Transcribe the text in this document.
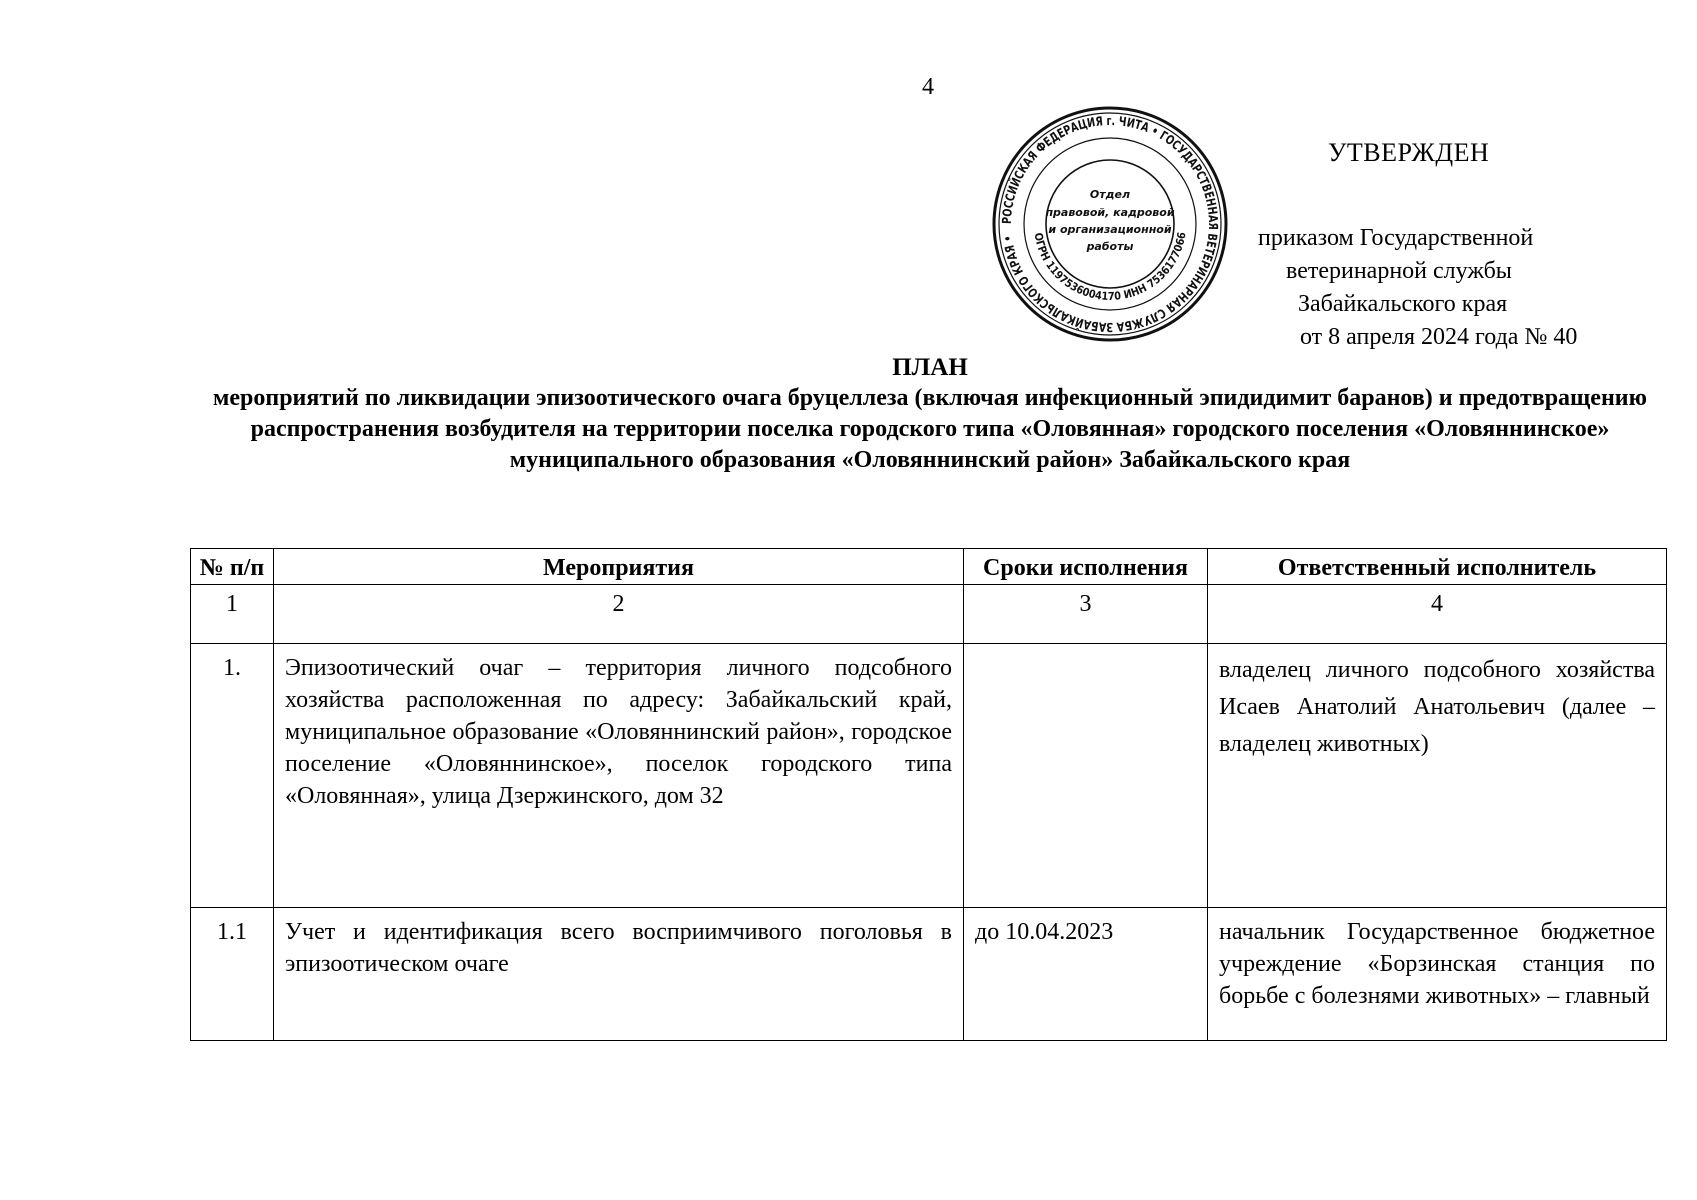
4
РОССИЙСКАЯ ФЕДЕРАЦИЯ г. ЧИТА • ГОСУДАРСТВЕННАЯ ВЕТЕРИНАРНАЯ СЛУЖБА ЗАБАЙКАЛЬСКОГО КРАЯ •	ОГРН 1197536004170 ИНН 7536177066
Отдел
правовой, кадровой
и организационной
работы
УТВЕРЖДЕН
приказом Государственной
ветеринарной службы
Забайкальского края
от 8 апреля 2024 года № 40
ПЛАН
мероприятий по ликвидации эпизоотического очага бруцеллеза (включая инфекционный эпидидимит баранов) и предотвращению распространения возбудителя на территории поселка городского типа «Оловянная» городского поселения «Оловяннинское» муниципального образования «Оловяннинский район» Забайкальского края
№ п/п	Мероприятия	Сроки исполнения	Ответственный исполнитель
1	2	3	4
1.	Эпизоотический очаг – территория личного подсобного хозяйства расположенная по адресу: Забайкальский край, муниципальное образование «Оловяннинский район», городское поселение «Оловяннинское», поселок городского типа «Оловянная», улица Дзержинского, дом 32		владелец личного подсобного хозяйства Исаев Анатолий Анатольевич (далее – владелец животных)
1.1	Учет и идентификация всего восприимчивого поголовья в эпизоотическом очаге	до 10.04.2023	начальник Государственное бюджетное учреждение «Борзинская станция по борьбе с болезнями животных» – главный
